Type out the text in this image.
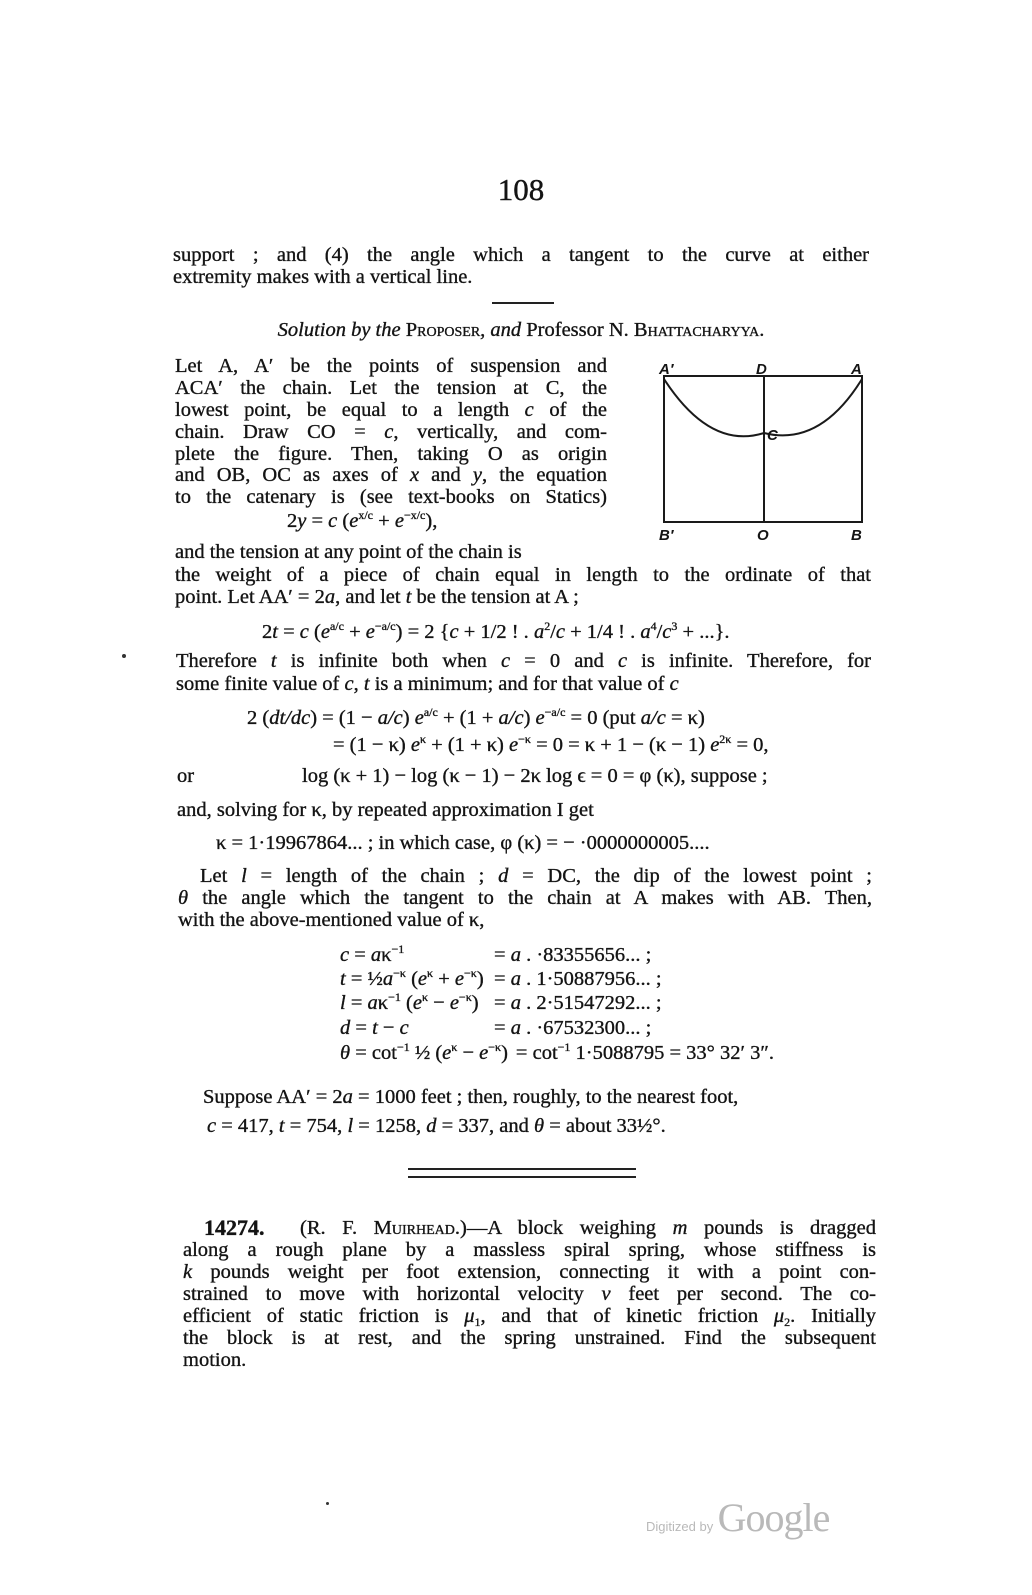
108
support ; and (4) the angle which a tangent to the curve at either
extremity makes with a vertical line.
Solution by the Proposer, and Professor N. Bhattacharyya.
Let A, A′ be the points of suspension and
ACA′ the chain. Let the tension at C, the
lowest point, be equal to a length c of the
chain. Draw CO = c, vertically, and com-
plete the figure. Then, taking O as origin
and OB, OC as axes of x and y, the equation
to the catenary is (see text-books on Statics)
2y = c $(e^{x/c} + e^{-x/c})$,
A′	D	A
C
B′	O	B
and the tension at any point of the chain is
the weight of a piece of chain equal in length to the ordinate of that
point. Let AA′ = 2a, and let t be the tension at A ;
2t = c $(e^{a/c} + e^{-a/c}) = 2$ {c + 1/2 ! . $a^2/c + 1/4$ ! . $a^4/c^3$ + ...}.
Therefore t is infinite both when c = 0 and c is infinite. Therefore, for
some finite value of c, t is a minimum; and for that value of c
2 (dt/dc) = (1 − a/c) $e^{a/c} + (1 + a/c) e^{-a/c} = 0$ (put a/c = κ)
= (1 − κ) $e^\kappa + (1 + \kappa) e^{-\kappa} = 0 = \kappa + 1 - (\kappa - 1) e^{2\kappa} = 0$,
or	log (κ + 1) − log (κ − 1) − 2κ log ϵ = 0 = φ (κ), suppose ;
and, solving for κ, by repeated approximation I get
κ = 1·19967864... ; in which case, φ (κ) = − ·0000000005....
Let l = length of the chain ; d = DC, the dip of the lowest point ;
θ the angle which the tangent to the chain at A makes with AB. Then,
with the above-mentioned value of κ,
$c = a\kappa^{-1}$	= a . ·83355656... ;
$t = \frac{1}{2}a^{-\kappa}$ $(e^\kappa + e^{-\kappa}) = a$ . 1·50887956... ;
$l = a\kappa^{-1}$ $(e^\kappa - e^{-\kappa}) = a$ . 2·51547292... ;
d = t − c	= a . ·67532300... ;
$\theta = \cot^{-1}$ ½ $(e^\kappa - e^{-\kappa}) = \cot^{-1} 1\cdot 5088795 = 33^\circ$ 32′ 3″.
Suppose AA′ = 2a = 1000 feet ; then, roughly, to the nearest foot,
c = 417, t = 754, l = 1258, d = 337, and θ = about 33½°.
14274. (R. F. Muirhead.)—A block weighing m pounds is dragged
along a rough plane by a massless spiral spring, whose stiffness is
k pounds weight per foot extension, connecting it with a point con-
strained to move with horizontal velocity v feet per second. The co-
efficient of static friction is $\mu_1$, and that of kinetic friction $\mu_2$. Initially
the block is at rest, and the spring unstrained. Find the subsequent
motion.
Digitized by Google
